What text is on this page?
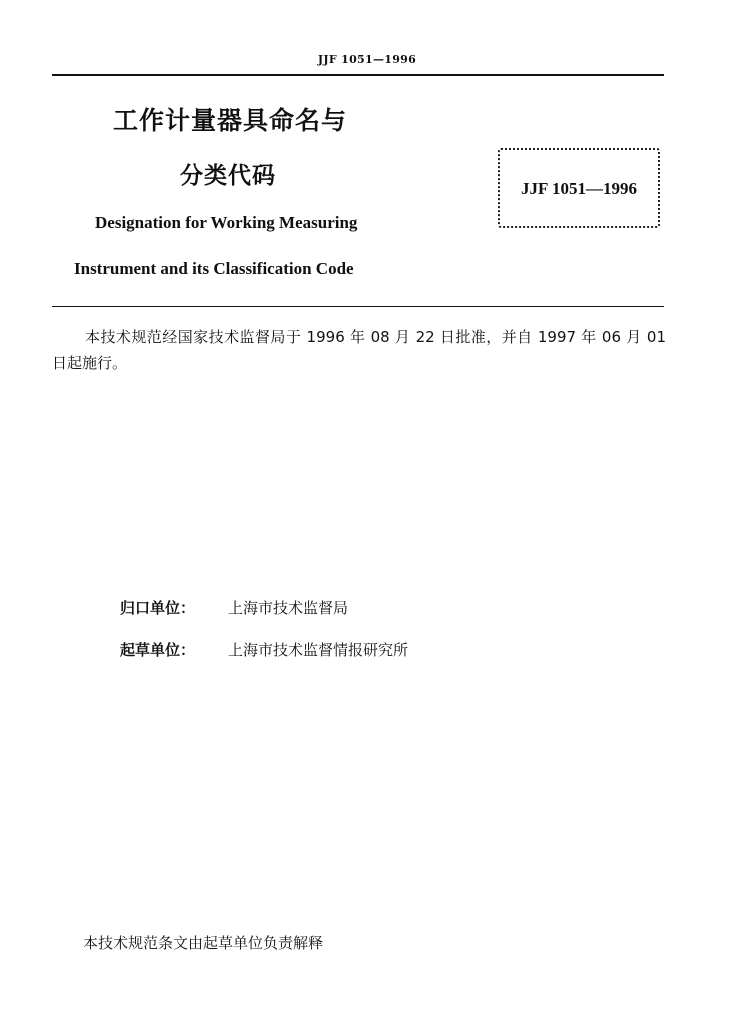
JJF 1051—1996
工作计量器具命名与
分类代码	JJF 1051—1996
Designation for Working Measuring
Instrument and its Classification Code
本技术规范经国家技术监督局于 1996 年 08 月 22 日批准，并自 1997 年 06 月 01 日起施行。
归口单位： 上海市技术监督局
起草单位： 上海市技术监督情报研究所
本技术规范条文由起草单位负责解释
